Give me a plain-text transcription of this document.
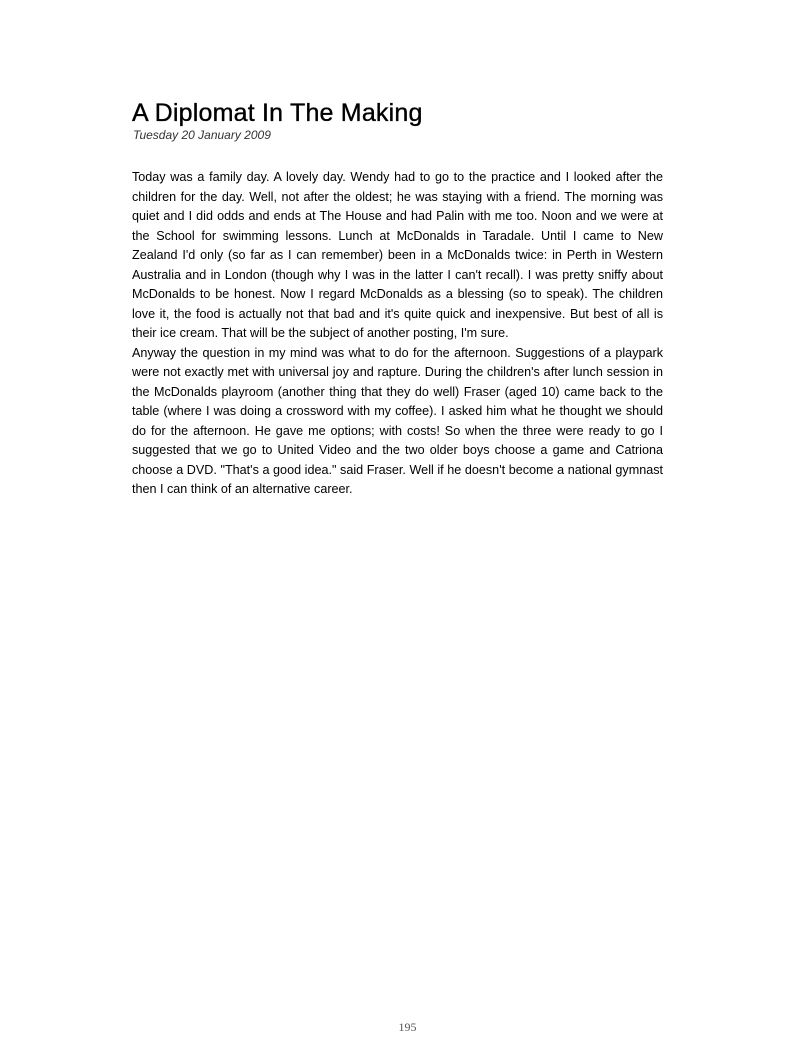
A Diplomat In The Making
Tuesday 20 January 2009

Today was a family day. A lovely day. Wendy had to go to the practice and I looked after the children for the day. Well, not after the oldest; he was staying with a friend. The morning was quiet and I did odds and ends at The House and had Palin with me too. Noon and we were at the School for swimming lessons. Lunch at McDonalds in Taradale. Until I came to New Zealand I'd only (so far as I can remember) been in a McDonalds twice: in Perth in Western Australia and in London (though why I was in the latter I can't recall). I was pretty sniffy about McDonalds to be honest. Now I regard McDonalds as a blessing (so to speak). The children love it, the food is actually not that bad and it's quite quick and inexpensive. But best of all is their ice cream. That will be the subject of another posting, I'm sure.

Anyway the question in my mind was what to do for the afternoon. Suggestions of a playpark were not exactly met with universal joy and rapture. During the children's after lunch session in the McDonalds playroom (another thing that they do well) Fraser (aged 10) came back to the table (where I was doing a crossword with my coffee). I asked him what he thought we should do for the afternoon. He gave me options; with costs! So when the three were ready to go I suggested that we go to United Video and the two older boys choose a game and Catriona choose a DVD. "That's a good idea." said Fraser. Well if he doesn't become a national gymnast then I can think of an alternative career.

195
